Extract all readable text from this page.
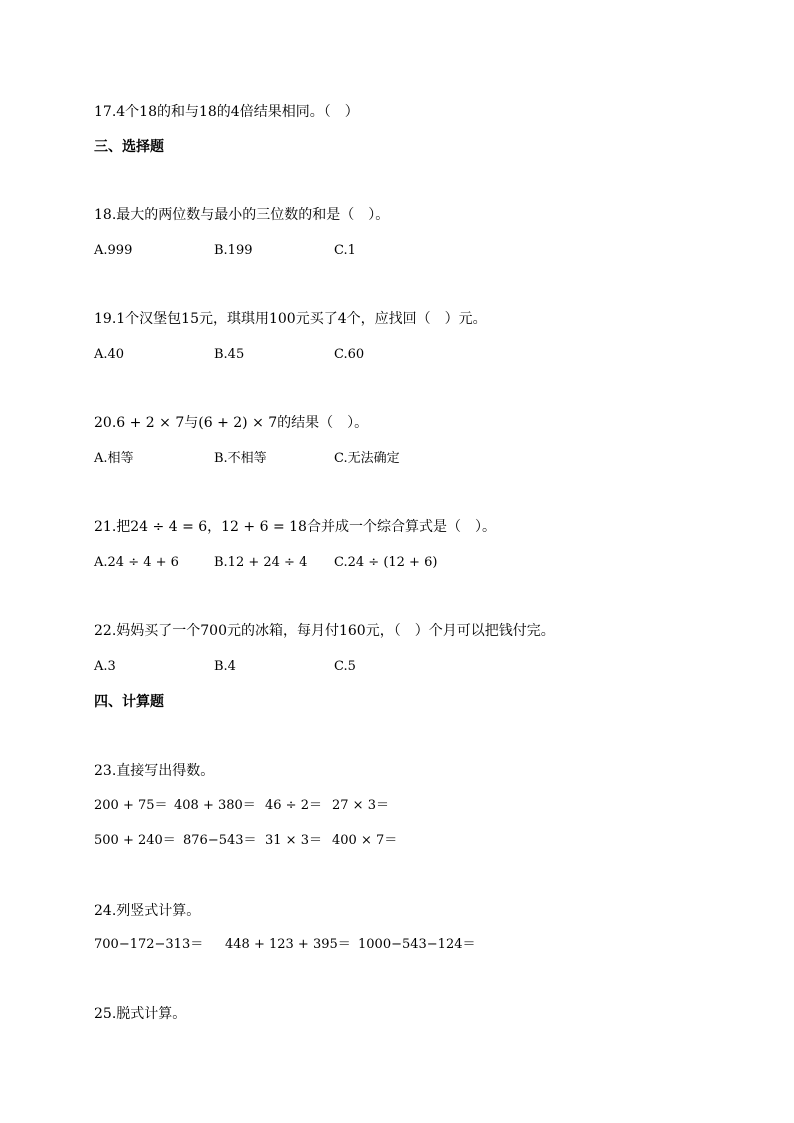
17.4个18的和与18的4倍结果相同。（　）
三、选择题
18.最大的两位数与最小的三位数的和是（　）。
A.999	B.199	C.1
19.1个汉堡包15元，琪琪用100元买了4个，应找回（　）元。
A.40	B.45	C.60
20.6 + 2 × 7与(6 + 2) × 7的结果（　）。
A.相等	B.不相等	C.无法确定
21.把24 ÷ 4 = 6，12 + 6 = 18合并成一个综合算式是（　）。
A.24 ÷ 4 + 6	B.12 + 24 ÷ 4 C.24 ÷ (12 + 6)
22.妈妈买了一个700元的冰箱，每月付160元，（　）个月可以把钱付完。
A.3	B.4	C.5
四、计算题
23.直接写出得数。
200 + 75＝ 408 + 380＝ 46 ÷ 2＝ 27 × 3＝
500 + 240＝ 876−543＝ 31 × 3＝ 400 × 7＝
24.列竖式计算。
700−172−313＝ 448 + 123 + 395＝ 1000−543−124＝
25.脱式计算。
